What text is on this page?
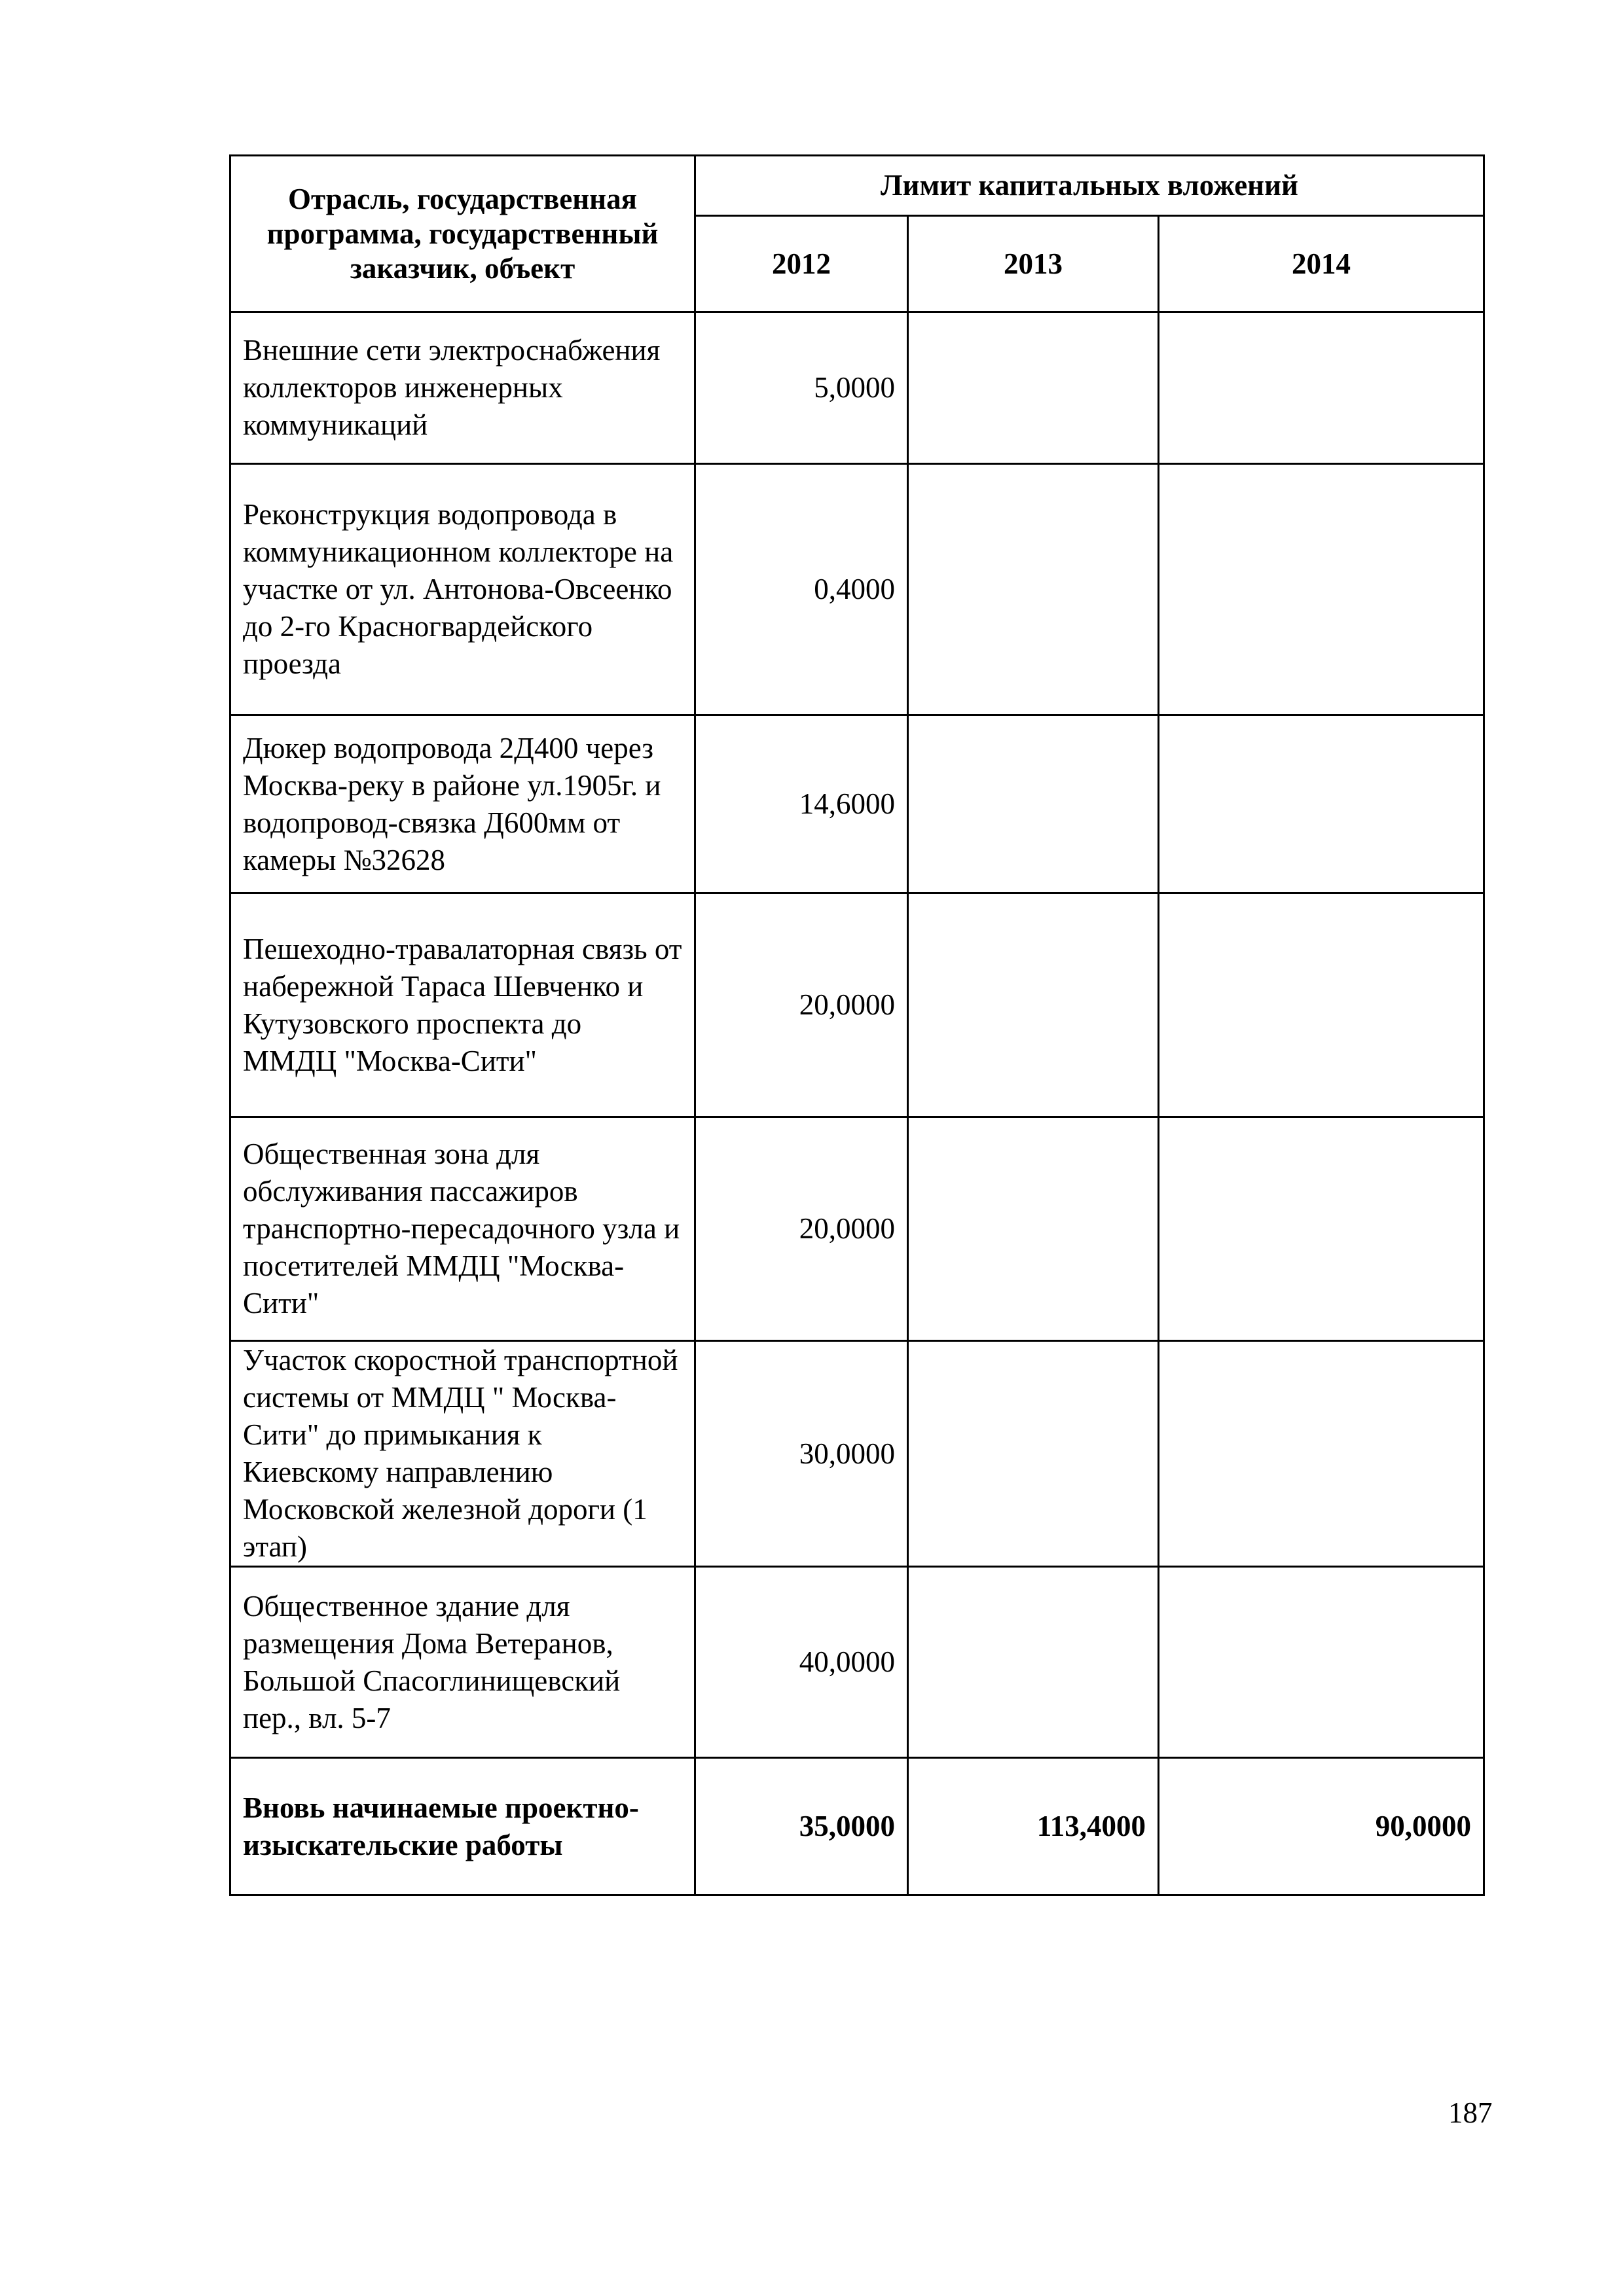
Отрасль, государственная программа, государственный заказчик, объект	Лимит капитальных вложений		
	2012	2013	2014
Внешние сети электроснабжения коллекторов инженерных коммуникаций	5,0000		
Реконструкция водопровода в коммуникационном коллекторе на участке от ул. Антонова-Овсеенко до 2-го Красногвардейского проезда	0,4000		
Дюкер водопровода 2Д400 через Москва-реку в районе ул.1905г. и водопровод-связка Д600мм от камеры №32628	14,6000		
Пешеходно-травалаторная связь от набережной Тараса Шевченко и Кутузовского проспекта до ММДЦ "Москва-Сити"	20,0000		
Общественная зона для обслуживания пассажиров транспортно-пересадочного узла и посетителей ММДЦ "Москва-Сити"	20,0000		
Участок скоростной транспортной системы от ММДЦ " Москва-Сити" до примыкания к Киевскому направлению Московской железной дороги (1 этап)	30,0000		
Общественное здание для размещения Дома Ветеранов, Большой Спасоглинищевский пер., вл. 5-7	40,0000		
Вновь начинаемые проектно-изыскательские работы	35,0000	113,4000	90,0000
187
